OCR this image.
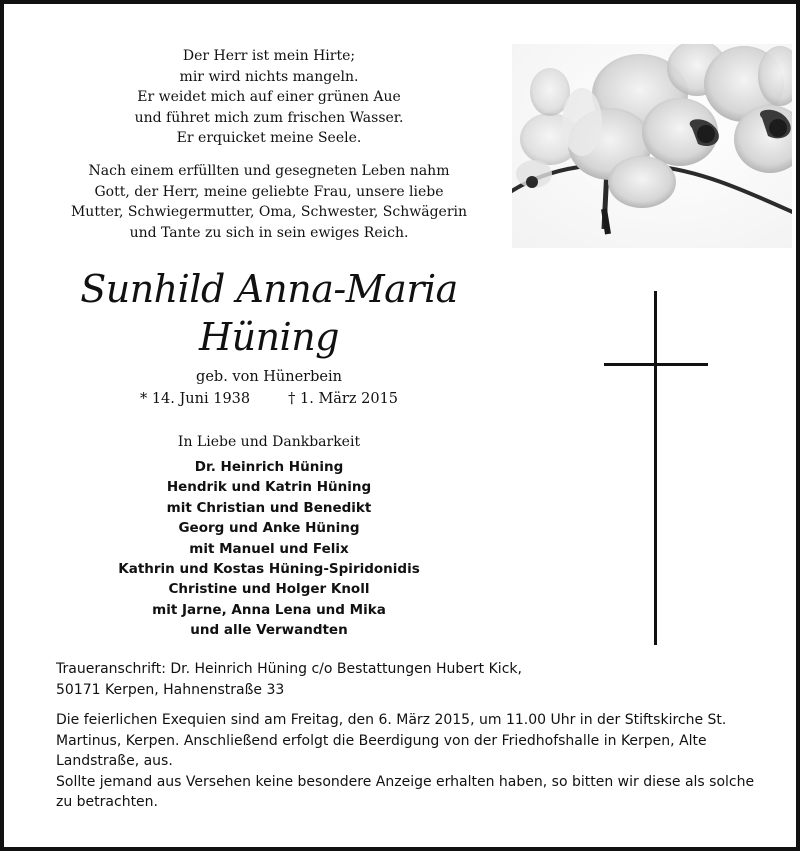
Der Herr ist mein Hirte;
mir wird nichts mangeln.
Er weidet mich auf einer grünen Aue
und führet mich zum frischen Wasser.
Er erquicket meine Seele.
Nach einem erfüllten und gesegneten Leben nahm
Gott, der Herr, meine geliebte Frau, unsere liebe
Mutter, Schwiegermutter, Oma, Schwester, Schwägerin
und Tante zu sich in sein ewiges Reich.
Sunhild Anna-Maria
Hüning
geb. von Hünerbein
* 14. Juni 1938	† 1. März 2015
In Liebe und Dankbarkeit
Dr. Heinrich Hüning
Hendrik und Katrin Hüning
mit Christian und Benedikt
Georg und Anke Hüning
mit Manuel und Felix
Kathrin und Kostas Hüning-Spiridonidis
Christine und Holger Knoll
mit Jarne, Anna Lena und Mika
und alle Verwandten
Traueranschrift: Dr. Heinrich Hüning c/o Bestattungen Hubert Kick,
50171 Kerpen, Hahnenstraße 33
Die feierlichen Exequien sind am Freitag, den 6. März 2015, um 11.00 Uhr in der Stiftskirche St.
Martinus, Kerpen. Anschließend erfolgt die Beerdigung von der Friedhofshalle in Kerpen, Alte
Landstraße, aus.
Sollte jemand aus Versehen keine besondere Anzeige erhalten haben, so bitten wir diese als solche
zu betrachten.
